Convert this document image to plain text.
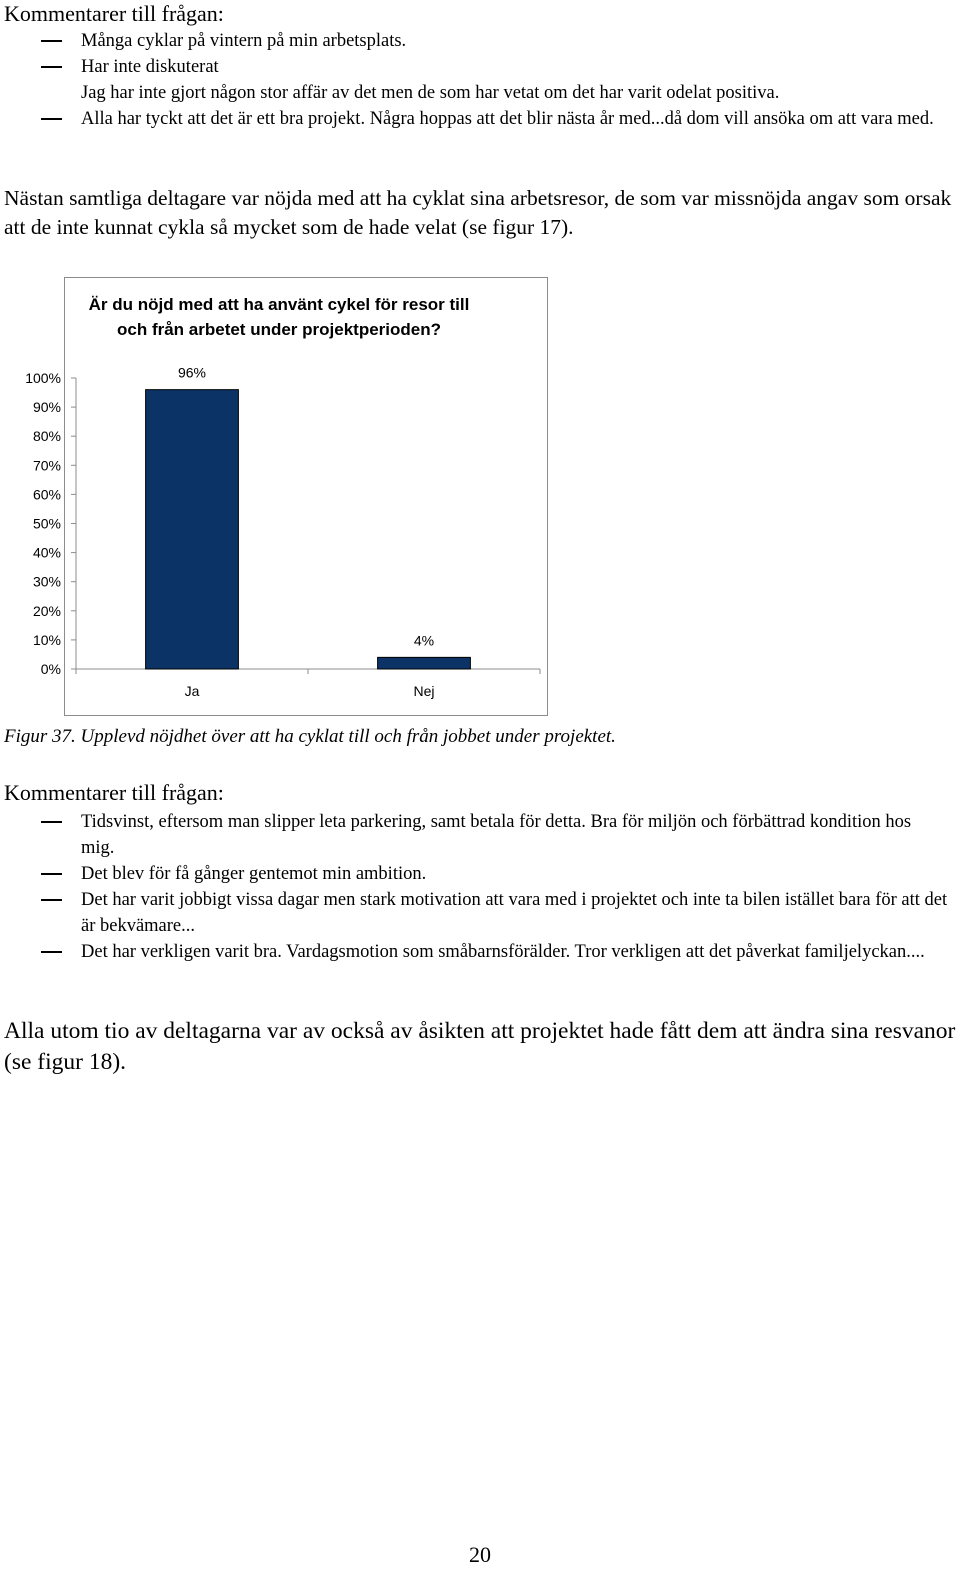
Kommentarer till frågan:
Många cyklar på vintern på min arbetsplats.
Har inte diskuterat
Jag har inte gjort någon stor affär av det men de som har vetat om det har varit odelat positiva.
Alla har tyckt att det är ett bra projekt. Några hoppas att det blir nästa år med...då dom vill ansöka om att vara med.

Nästan samtliga deltagare var nöjda med att ha cyklat sina arbetsresor, de som var missnöjda angav som orsak att de inte kunnat cykla så mycket som de hade velat (se figur 17).

Är du nöjd med att ha använt cykel för resor till
och från arbetet under projektperioden?
0%
10%
20%
30%
40%
50%
60%
70%
80%
90%
100%	96%
Ja
4%
Nej
Figur 37. Upplevd nöjdhet över att ha cyklat till och från jobbet under projektet.
Kommentarer till frågan:
Tidsvinst, eftersom man slipper leta parkering, samt betala för detta. Bra för miljön och förbättrad kondition hos mig.
Det blev för få gånger gentemot min ambition.
Det har varit jobbigt vissa dagar men stark motivation att vara med i projektet och inte ta bilen istället bara för att det är bekvämare...
Det har verkligen varit bra. Vardagsmotion som småbarnsförälder. Tror verkligen att det påverkat familjelyckan....

Alla utom tio av deltagarna var av också av åsikten att projektet hade fått dem att ändra sina resvanor (se figur 18).

20
